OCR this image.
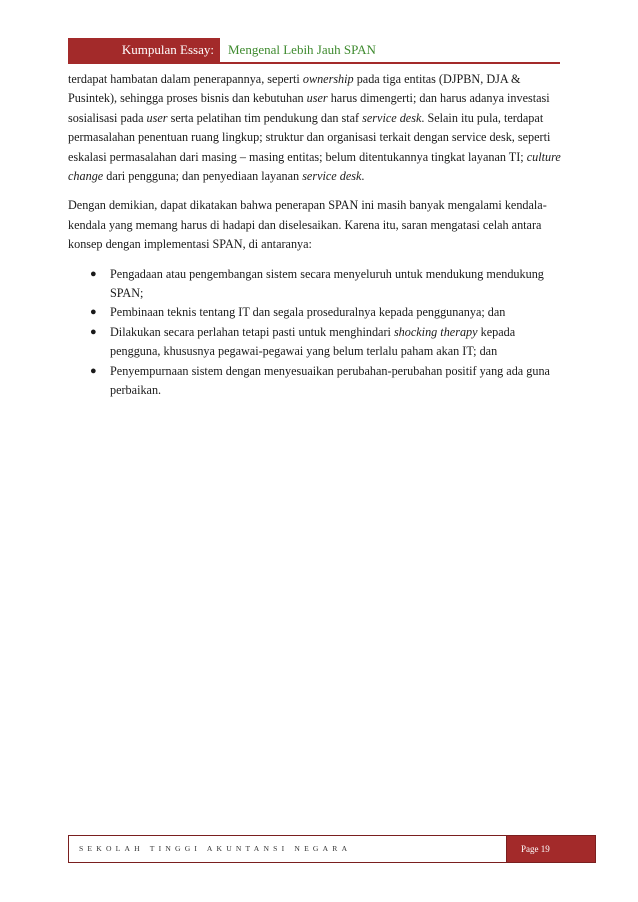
Kumpulan Essay:	Mengenal Lebih Jauh SPAN

terdapat hambatan dalam penerapannya, seperti ownership pada tiga entitas (DJPBN, DJA & Pusintek), sehingga proses bisnis dan kebutuhan user harus dimengerti; dan harus adanya investasi sosialisasi pada user serta pelatihan tim pendukung dan staf service desk. Selain itu pula, terdapat permasalahan penentuan ruang lingkup; struktur dan organisasi terkait dengan service desk, seperti eskalasi permasalahan dari masing – masing entitas; belum ditentukannya tingkat layanan TI; culture change dari pengguna; dan penyediaan layanan service desk.

Dengan demikian, dapat dikatakan bahwa penerapan SPAN ini masih banyak mengalami kendala-kendala yang memang harus di hadapi dan diselesaikan. Karena itu, saran mengatasi celah antara konsep dengan implementasi SPAN, di antaranya:

● Pengadaan atau pengembangan sistem secara menyeluruh untuk mendukung mendukung SPAN;
● Pembinaan teknis tentang IT dan segala proseduralnya kepada penggunanya; dan
● Dilakukan secara perlahan tetapi pasti untuk menghindari shocking therapy kepada pengguna, khususnya pegawai-pegawai yang belum terlalu paham akan IT; dan
● Penyempurnaan sistem dengan menyesuaikan perubahan-perubahan positif yang ada guna perbaikan.
SEKOLAH TINGGI AKUNTANSI NEGARA	Page 19
